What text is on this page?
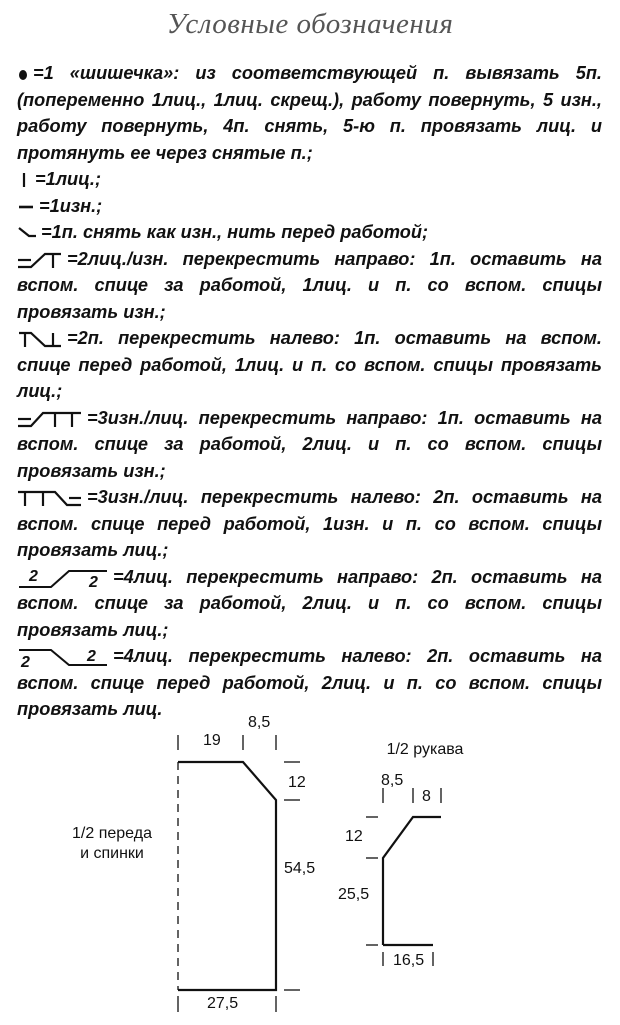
Условные обозначения

=1 «шишечка»: из соответствующей п. вывязать 5п. (попеременно 1лиц., 1лиц. скрещ.), работу повернуть, 5 изн., работу повернуть, 4п. снять, 5-ю п. провязать лиц. и протянуть ее через снятые п.;

=1лиц.;

=1изн.;

=1п. снять как изн., нить перед работой;

=2лиц./изн. перекрестить направо: 1п. оставить на вспом. спице за работой, 1лиц. и п. со вспом. спицы провязать изн.;

=2п. перекрестить налево: 1п. оставить на вспом. спице перед работой, 1лиц. и п. со вспом. спицы провязать лиц.;

=3изн./лиц. перекрестить направо: 1п. оставить на вспом. спице за работой, 2лиц. и п. со вспом. спицы провязать изн.;

=3изн./лиц. перекрестить налево: 2п. оставить на вспом. спице перед работой, 1изн. и п. со вспом. спицы провязать лиц.;

2	2 =4лиц. перекрестить направо: 2п. оставить на вспом. спице за работой, 2лиц. и п. со вспом. спицы провязать лиц.;

2	2 =4лиц. перекрестить налево: 2п. оставить на вспом. спице перед работой, 2лиц. и п. со вспом. спицы провязать лиц.

1/2 переда
и спинки
19
8,5
12
54,5
27,5
1/2 рукава
8,5
8
12
25,5
16,5
